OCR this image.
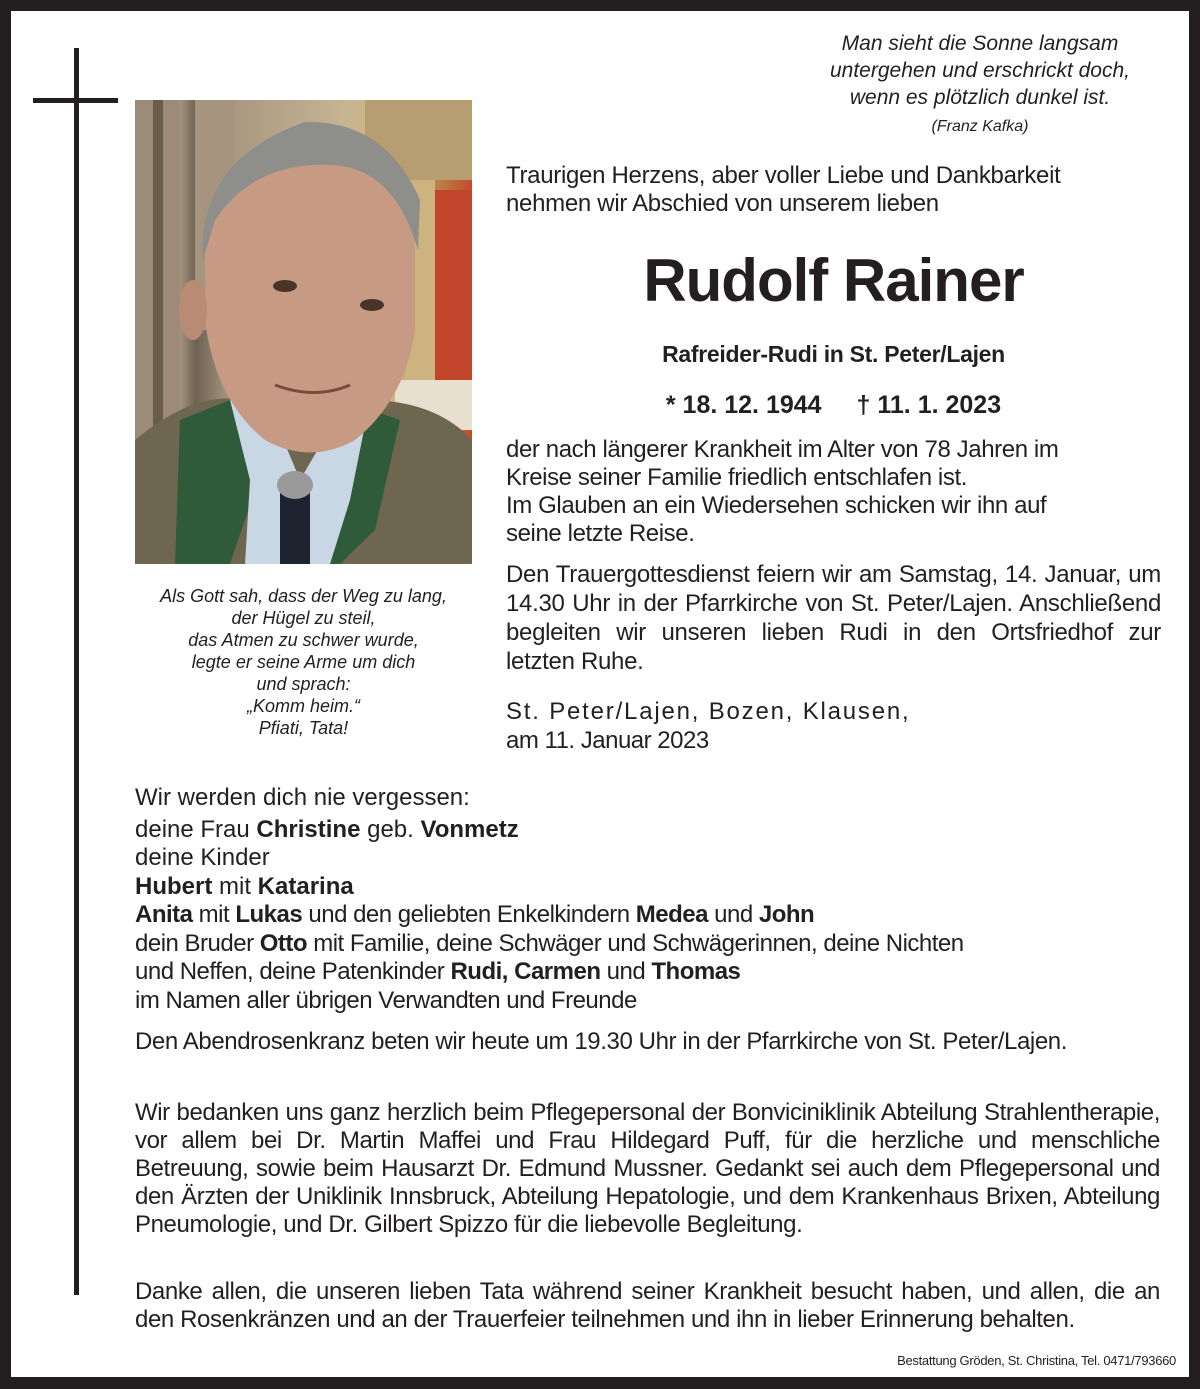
Man sieht die Sonne langsam
untergehen und erschrickt doch,
wenn es plötzlich dunkel ist.
(Franz Kafka)
Als Gott sah, dass der Weg zu lang,
der Hügel zu steil,
das Atmen zu schwer wurde,
legte er seine Arme um dich
und sprach:
„Komm heim.“
Pfiati, Tata!
Traurigen Herzens, aber voller Liebe und Dankbarkeit
nehmen wir Abschied von unserem lieben
Rudolf Rainer
Rafreider-Rudi in St. Peter/Lajen
* 18. 12. 1944 † 11. 1. 2023
der nach längerer Krankheit im Alter von 78 Jahren im
Kreise seiner Familie friedlich entschlafen ist.
Im Glauben an ein Wiedersehen schicken wir ihn auf
seine letzte Reise.
Den Trauergottesdienst feiern wir am Samstag, 14. Januar, um 14.30 Uhr in der Pfarrkirche von St. Peter/Lajen. Anschließend begleiten wir unseren lieben Rudi in den Ortsfriedhof zur letzten Ruhe.
St. Peter/Lajen, Bozen, Klausen,
am 11. Januar 2023
Wir werden dich nie vergessen:
deine Frau Christine geb. Vonmetz
deine Kinder
Hubert mit Katarina
Anita mit Lukas und den geliebten Enkelkindern Medea und John
dein Bruder Otto mit Familie, deine Schwäger und Schwägerinnen, deine Nichten
und Neffen, deine Patenkinder Rudi, Carmen und Thomas
im Namen aller übrigen Verwandten und Freunde
Den Abendrosenkranz beten wir heute um 19.30 Uhr in der Pfarrkirche von St. Peter/Lajen.
Wir bedanken uns ganz herzlich beim Pflegepersonal der Bonviciniklinik Abteilung Strahlentherapie, vor allem bei Dr. Martin Maffei und Frau Hildegard Puff, für die herzliche und menschliche Betreuung, sowie beim Hausarzt Dr. Edmund Mussner. Gedankt sei auch dem Pflegepersonal und den Ärzten der Uniklinik Innsbruck, Abteilung Hepatologie, und dem Krankenhaus Brixen, Abteilung Pneumologie, und Dr. Gilbert Spizzo für die liebevolle Begleitung.
Danke allen, die unseren lieben Tata während seiner Krankheit besucht haben, und allen, die an den Rosenkränzen und an der Trauerfeier teilnehmen und ihn in lieber Erinnerung behalten.
Bestattung Gröden, St. Christina, Tel. 0471/793660
